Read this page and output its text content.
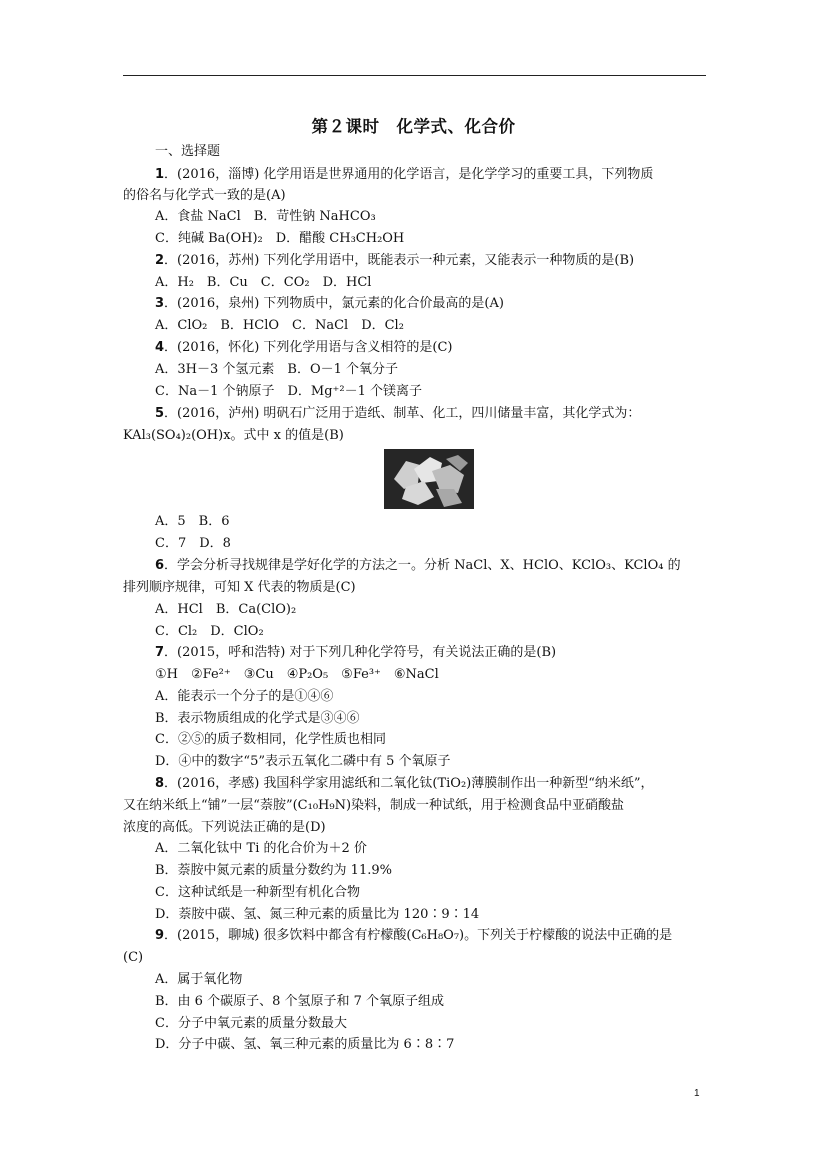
第２课时　化学式、化合价
一、选择题
1．(2016，淄博) 化学用语是世界通用的化学语言，是化学学习的重要工具，下列物质
的俗名与化学式一致的是(A)
A．食盐 NaCl　B．苛性钠 NaHCO₃
C．纯碱 Ba(OH)₂　D．醋酸 CH₃CH₂OH
2．(2016，苏州) 下列化学用语中，既能表示一种元素，又能表示一种物质的是(B)
A．H₂　B．Cu　C．CO₂　D．HCl
3．(2016，泉州) 下列物质中，氯元素的化合价最高的是(A)
A．ClO₂　B．HClO　C．NaCl　D．Cl₂
4．(2016，怀化) 下列化学用语与含义相符的是(C)
A．3H－3 个氢元素　B．O－1 个氧分子
C．Na－1 个钠原子　D．Mg⁺²－1 个镁离子
5．(2016，泸州) 明矾石广泛用于造纸、制革、化工，四川储量丰富，其化学式为：
KAl₃(SO₄)₂(OH)x。式中 x 的值是(B)
A．5　B．6
C．7　D．8
6．学会分析寻找规律是学好化学的方法之一。分析 NaCl、X、HClO、KClO₃、KClO₄ 的
排列顺序规律，可知 X 代表的物质是(C)
A．HCl　B．Ca(ClO)₂
C．Cl₂　D．ClO₂
7．(2015，呼和浩特) 对于下列几种化学符号，有关说法正确的是(B)
①H　②Fe²⁺　③Cu　④P₂O₅　⑤Fe³⁺　⑥NaCl
A．能表示一个分子的是①④⑥
B．表示物质组成的化学式是③④⑥
C．②⑤的质子数相同，化学性质也相同
D．④中的数字“5”表示五氧化二磷中有 5 个氧原子
8．(2016，孝感) 我国科学家用滤纸和二氧化钛(TiO₂)薄膜制作出一种新型“纳米纸”，
又在纳米纸上“铺”一层“萘胺”(C₁₀H₉N)染料，制成一种试纸，用于检测食品中亚硝酸盐
浓度的高低。下列说法正确的是(D)
A．二氧化钛中 Ti 的化合价为＋2 价
B．萘胺中氮元素的质量分数约为 11.9%
C．这种试纸是一种新型有机化合物
D．萘胺中碳、氢、氮三种元素的质量比为 120∶9∶14
9．(2015，聊城) 很多饮料中都含有柠檬酸(C₆H₈O₇)。下列关于柠檬酸的说法中正确的是
(C)
A．属于氧化物
B．由 6 个碳原子、8 个氢原子和 7 个氧原子组成
C．分子中氧元素的质量分数最大
D．分子中碳、氢、氧三种元素的质量比为 6∶8∶7
1
